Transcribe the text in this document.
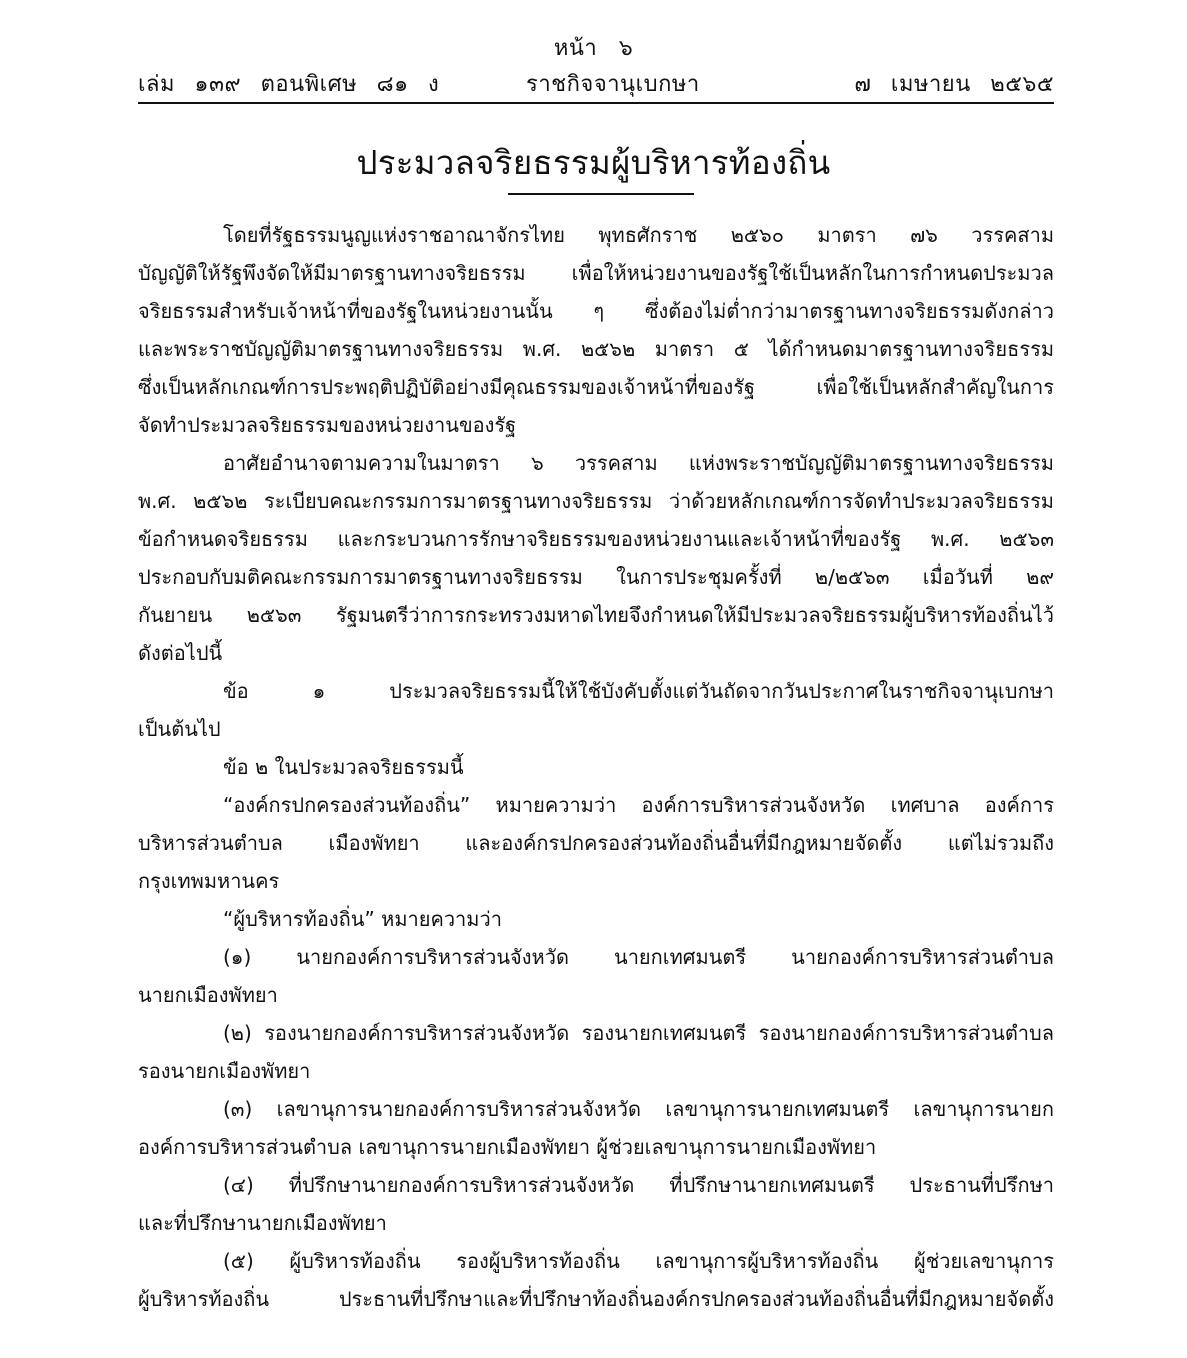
หน้า ๖
เล่ม ๑๓๙ ตอนพิเศษ ๘๑ ง	ราชกิจจานุเบกษา	๗ เมษายน ๒๕๖๕
ประมวลจริยธรรมผู้บริหารท้องถิ่น
โดยที่รัฐธรรมนูญแห่งราชอาณาจักรไทย พุทธศักราช ๒๕๖๐ มาตรา ๗๖ วรรคสาม
บัญญัติให้รัฐพึงจัดให้มีมาตรฐานทางจริยธรรม เพื่อให้หน่วยงานของรัฐใช้เป็นหลักในการกำหนดประมวล
จริยธรรมสำหรับเจ้าหน้าที่ของรัฐในหน่วยงานนั้น ๆ ซึ่งต้องไม่ต่ำกว่ามาตรฐานทางจริยธรรมดังกล่าว
และพระราชบัญญัติมาตรฐานทางจริยธรรม พ.ศ. ๒๕๖๒ มาตรา ๕ ได้กำหนดมาตรฐานทางจริยธรรม
ซึ่งเป็นหลักเกณฑ์การประพฤติปฏิบัติอย่างมีคุณธรรมของเจ้าหน้าที่ของรัฐ เพื่อใช้เป็นหลักสำคัญในการ
จัดทำประมวลจริยธรรมของหน่วยงานของรัฐ
อาศัยอำนาจตามความในมาตรา ๖ วรรคสาม แห่งพระราชบัญญัติมาตรฐานทางจริยธรรม
พ.ศ. ๒๕๖๒ ระเบียบคณะกรรมการมาตรฐานทางจริยธรรม ว่าด้วยหลักเกณฑ์การจัดทำประมวลจริยธรรม
ข้อกำหนดจริยธรรม และกระบวนการรักษาจริยธรรมของหน่วยงานและเจ้าหน้าที่ของรัฐ พ.ศ. ๒๕๖๓
ประกอบกับมติคณะกรรมการมาตรฐานทางจริยธรรม ในการประชุมครั้งที่ ๒/๒๕๖๓ เมื่อวันที่ ๒๙
กันยายน ๒๕๖๓ รัฐมนตรีว่าการกระทรวงมหาดไทยจึงกำหนดให้มีประมวลจริยธรรมผู้บริหารท้องถิ่นไว้
ดังต่อไปนี้
ข้อ ๑ ประมวลจริยธรรมนี้ให้ใช้บังคับตั้งแต่วันถัดจากวันประกาศในราชกิจจานุเบกษา
เป็นต้นไป
ข้อ ๒ ในประมวลจริยธรรมนี้
“องค์กรปกครองส่วนท้องถิ่น” หมายความว่า องค์การบริหารส่วนจังหวัด เทศบาล องค์การ
บริหารส่วนตำบล เมืองพัทยา และองค์กรปกครองส่วนท้องถิ่นอื่นที่มีกฎหมายจัดตั้ง แต่ไม่รวมถึง
กรุงเทพมหานคร
“ผู้บริหารท้องถิ่น” หมายความว่า
(๑) นายกองค์การบริหารส่วนจังหวัด นายกเทศมนตรี นายกองค์การบริหารส่วนตำบล
นายกเมืองพัทยา
(๒) รองนายกองค์การบริหารส่วนจังหวัด รองนายกเทศมนตรี รองนายกองค์การบริหารส่วนตำบล
รองนายกเมืองพัทยา
(๓) เลขานุการนายกองค์การบริหารส่วนจังหวัด เลขานุการนายกเทศมนตรี เลขานุการนายก
องค์การบริหารส่วนตำบล เลขานุการนายกเมืองพัทยา ผู้ช่วยเลขานุการนายกเมืองพัทยา
(๔) ที่ปรึกษานายกองค์การบริหารส่วนจังหวัด ที่ปรึกษานายกเทศมนตรี ประธานที่ปรึกษา
และที่ปรึกษานายกเมืองพัทยา
(๕) ผู้บริหารท้องถิ่น รองผู้บริหารท้องถิ่น เลขานุการผู้บริหารท้องถิ่น ผู้ช่วยเลขานุการ
ผู้บริหารท้องถิ่น ประธานที่ปรึกษาและที่ปรึกษาท้องถิ่นองค์กรปกครองส่วนท้องถิ่นอื่นที่มีกฎหมายจัดตั้ง
